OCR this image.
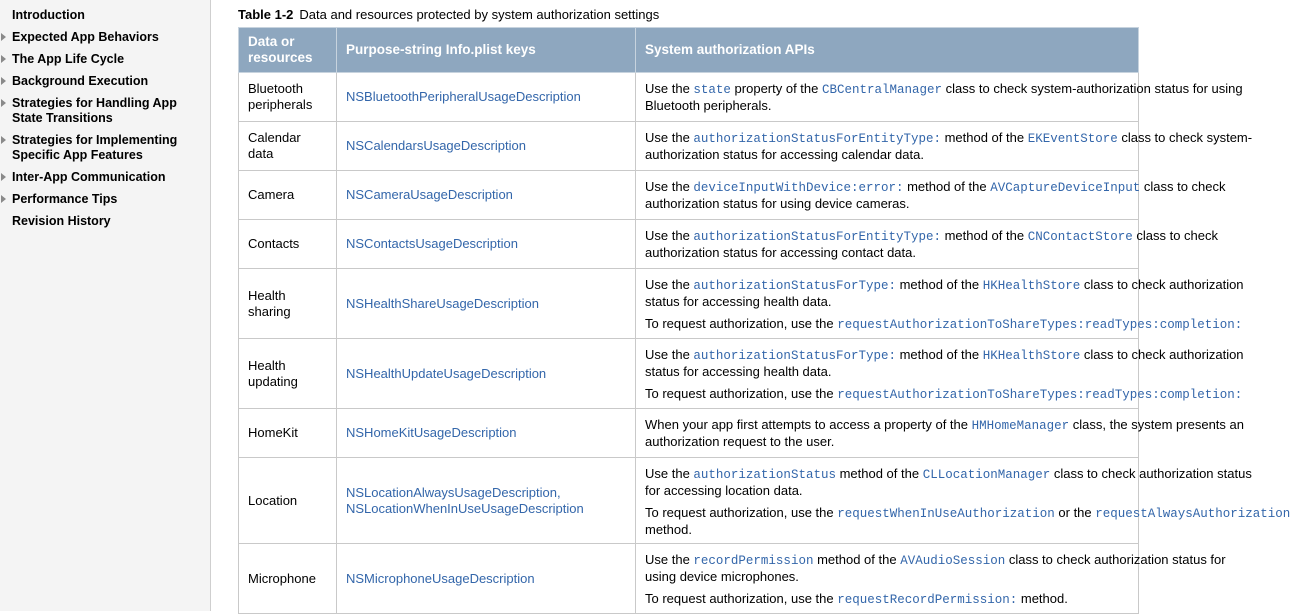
Introduction
Expected App Behaviors
The App Life Cycle
Background Execution
Strategies for Handling App State Transitions
Strategies for Implementing Specific App Features
Inter-App Communication
Performance Tips
Revision History
Table 1-2 Data and resources protected by system authorization settings
Data or resources	Purpose-string Info.plist keys	System authorization APIs
Bluetooth peripherals	NSBluetoothPeripheralUsageDescription	Use the state property of the CBCentralManager class to check system-authorization status for using
Bluetooth peripherals.

Calendar data	NSCalendarsUsageDescription	Use the authorizationStatusForEntityType: method of the EKEventStore class to check system-
authorization status for accessing calendar data.

Camera	NSCameraUsageDescription	Use the deviceInputWithDevice:error: method of the AVCaptureDeviceInput class to check
authorization status for using device cameras.

Contacts	NSContactsUsageDescription	Use the authorizationStatusForEntityType: method of the CNContactStore class to check
authorization status for accessing contact data.

Health sharing	NSHealthShareUsageDescription	Use the authorizationStatusForType: method of the HKHealthStore class to check authorization
status for accessing health data.
To request authorization, use the requestAuthorizationToShareTypes:readTypes:completion:

Health updating	NSHealthUpdateUsageDescription	Use the authorizationStatusForType: method of the HKHealthStore class to check authorization
status for accessing health data.
To request authorization, use the requestAuthorizationToShareTypes:readTypes:completion:

HomeKit	NSHomeKitUsageDescription	When your app first attempts to access a property of the HMHomeManager class, the system presents an
authorization request to the user.

Location	NSLocationAlwaysUsageDescription, NSLocationWhenInUseUsageDescription	Use the authorizationStatus method of the CLLocationManager class to check authorization status
for accessing location data.
To request authorization, use the requestWhenInUseAuthorization or the requestAlwaysAuthorization
method.

Microphone	NSMicrophoneUsageDescription	Use the recordPermission method of the AVAudioSession class to check authorization status for
using device microphones.
To request authorization, use the requestRecordPermission: method.
